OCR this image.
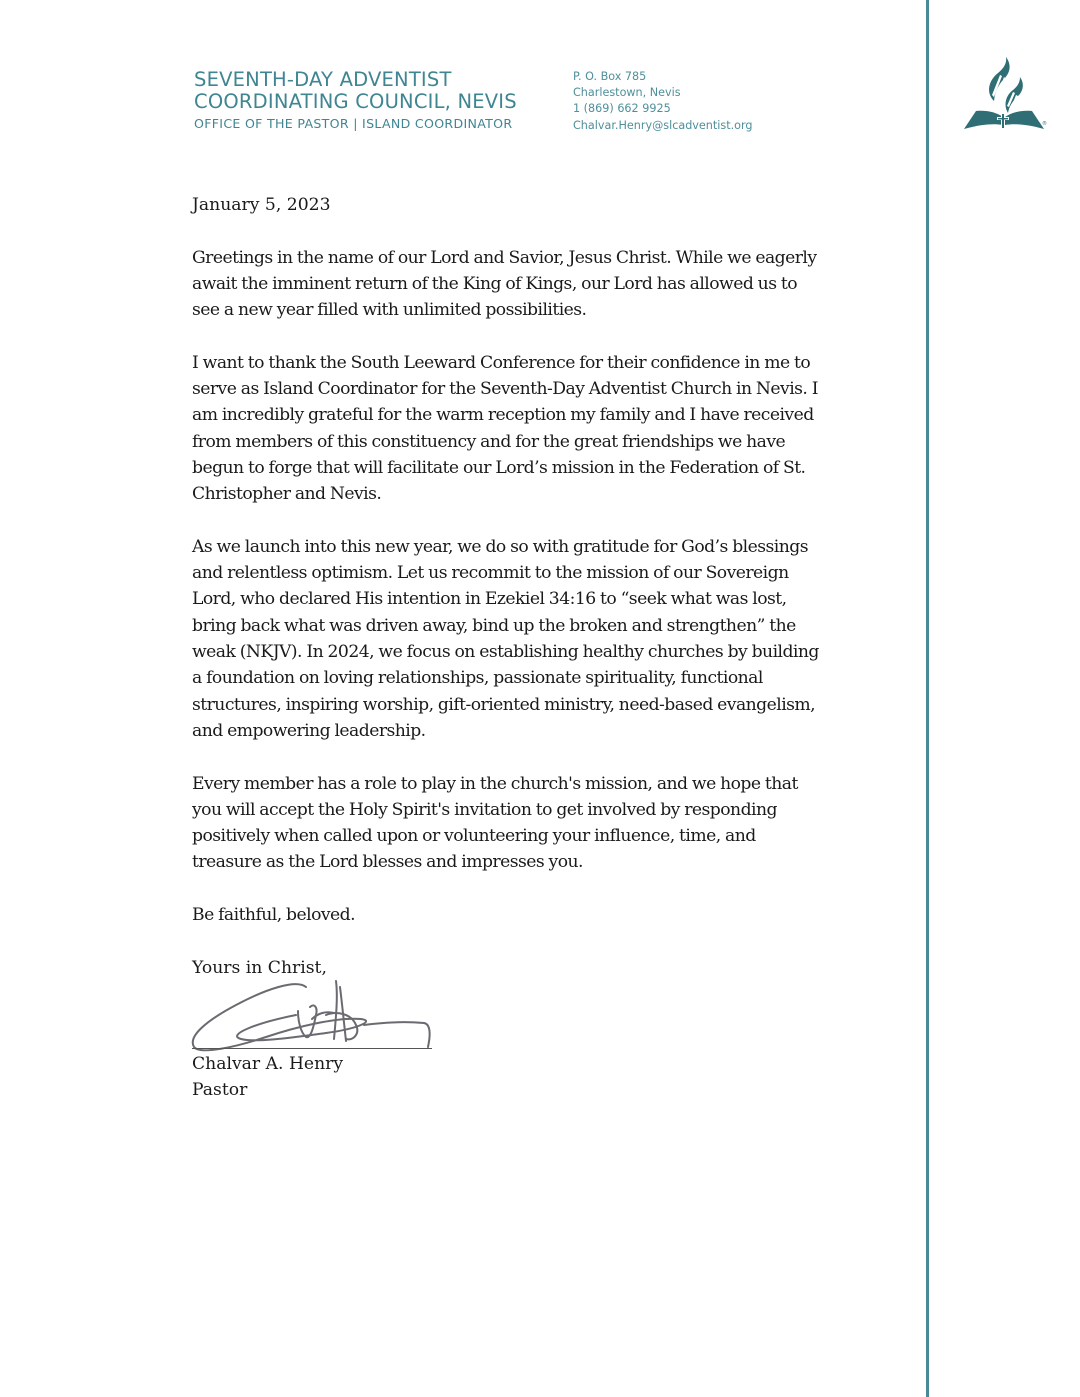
SEVENTH-DAY ADVENTIST
COORDINATING COUNCIL, NEVIS
OFFICE OF THE PASTOR | ISLAND COORDINATOR
P. O. Box 785
Charlestown, Nevis
1 (869) 662 9925
Chalvar.Henry@slcadventist.org	®

January 5, 2023

Greetings in the name of our Lord and Savior, Jesus Christ. While we eagerly
await the imminent return of the King of Kings, our Lord has allowed us to
see a new year filled with unlimited possibilities.

I want to thank the South Leeward Conference for their confidence in me to
serve as Island Coordinator for the Seventh-Day Adventist Church in Nevis. I
am incredibly grateful for the warm reception my family and I have received
from members of this constituency and for the great friendships we have
begun to forge that will facilitate our Lord’s mission in the Federation of St.
Christopher and Nevis.

As we launch into this new year, we do so with gratitude for God’s blessings
and relentless optimism. Let us recommit to the mission of our Sovereign
Lord, who declared His intention in Ezekiel 34:16 to “seek what was lost,
bring back what was driven away, bind up the broken and strengthen” the
weak (NKJV). In 2024, we focus on establishing healthy churches by building
a foundation on loving relationships, passionate spirituality, functional
structures, inspiring worship, gift-oriented ministry, need-based evangelism,
and empowering leadership.

Every member has a role to play in the church's mission, and we hope that
you will accept the Holy Spirit's invitation to get involved by responding
positively when called upon or volunteering your influence, time, and
treasure as the Lord blesses and impresses you.

Be faithful, beloved.

Yours in Christ,

Chalvar A. Henry

Pastor
